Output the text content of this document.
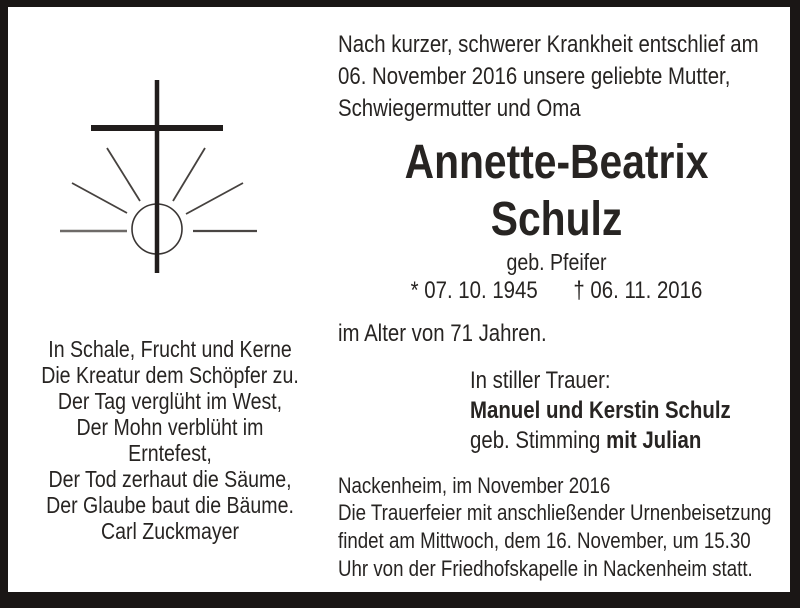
Nach kurzer, schwerer Krankheit entschlief am
06. November 2016 unsere geliebte Mutter,
Schwiegermutter und Oma
Annette-Beatrix
Schulz
geb. Pfeifer
* 07. 10. 1945 † 06. 11. 2016
im Alter von 71 Jahren.
In stiller Trauer:
Manuel und Kerstin Schulz
geb. Stimming mit Julian
Nackenheim, im November 2016
Die Trauerfeier mit anschließender Urnenbeisetzung
findet am Mittwoch, dem 16. November, um 15.30
Uhr von der Friedhofskapelle in Nackenheim statt.
In Schale, Frucht und Kerne
Die Kreatur dem Schöpfer zu.
Der Tag verglüht im West,
Der Mohn verblüht im Erntefest,
Der Tod zerhaut die Säume,
Der Glaube baut die Bäume.
Carl Zuckmayer
